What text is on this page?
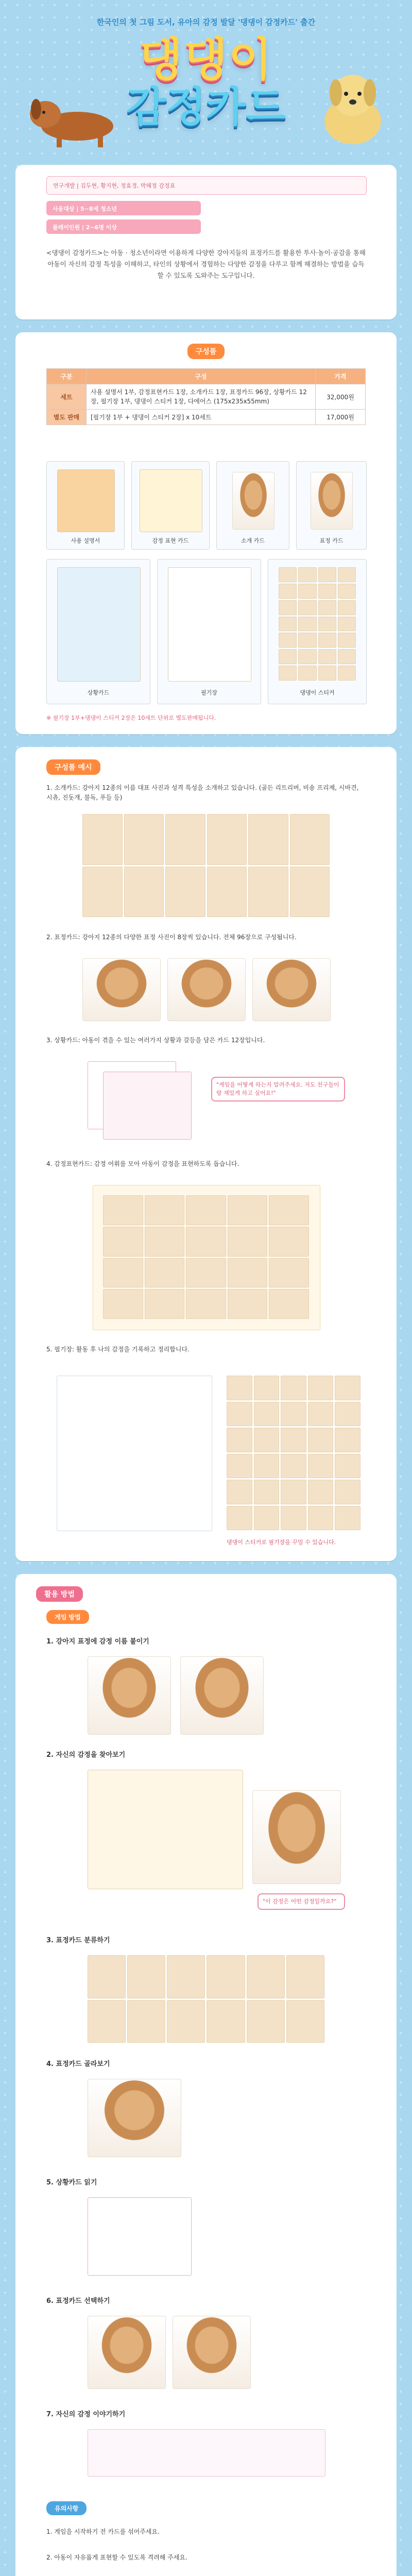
한국인의 첫 그림 도서, 유아의 감정 발달 '댕댕이 감정카드' 출간
댕댕이
감정카드
연구개발 | 김두현, 황지현, 정효경, 박혜정 감정표
사용대상 | 5~8세 청소년
플레이인원 | 2~6명 이상
<댕댕이 감정카드>는 아동 · 청소년이라면 이용하게 다양한 강아지들의 표정카드를 활용한 투사·놀이·공감을 통해 아동이 자신의 감정 특성을 이해하고, 타인의 상황에서 경험하는 다양한 감정을 다루고 함께 해결하는 방법을 습득할 수 있도록 도와주는 도구입니다.
구성품
구분	구성	가격
세트	사용 설명서 1부, 감정표현카드 1장, 소개카드 1장, 표정카드 96장, 상황카드 12장, 필기장 1부, 댕댕이 스티커 1장, 다에어스 (175x235x55mm)	32,000원
별도 판매	[필기장 1부 + 댕댕이 스티커 2장] x 10세트	17,000원
사용 설명서	감정 표현 카드	소개 카드	표정 카드
상황카드	필기장	댕댕이 스티커
※ 필기장 1부+댕댕이 스티커 2장은 10세트 단위로 별도판매됩니다.
구성품 예시
1. 소개카드: 강아지 12종의 이름 대표 사진과 성격 특성을 소개하고 있습니다. (골든 리트리버, 비숑 프리제, 시바견, 시츄, 진돗개, 불독, 푸들 등)
2. 표정카드: 강아지 12종의 다양한 표정 사진이 8장씩 있습니다. 전체 96장으로 구성됩니다.
3. 상황카드: 아동이 겪을 수 있는 여러가지 상황과 갈등을 담은 카드 12장입니다.
"게임을 어떻게 하는지 알려주세요. 저도 친구들이랑 재밌게 하고 싶어요!"
4. 감정표현카드: 감정 어휘를 모아 아동이 감정을 표현하도록 돕습니다.
5. 필기장: 활동 후 나의 감정을 기록하고 정리합니다.
댕댕이 스티커로 필기장을 꾸밀 수 있습니다.
활용 방법
게임 방법
1. 강아지 표정에 감정 이름 붙이기
2. 자신의 감정을 찾아보기
"이 감정은 어떤 감정일까요?"
3. 표정카드 분류하기
4. 표정카드 골라보기
5. 상황카드 읽기
6. 표정카드 선택하기
7. 자신의 감정 이야기하기
유의사항
1. 게임을 시작하기 전 카드를 섞어주세요.
2. 아동이 자유롭게 표현할 수 있도록 격려해 주세요.
